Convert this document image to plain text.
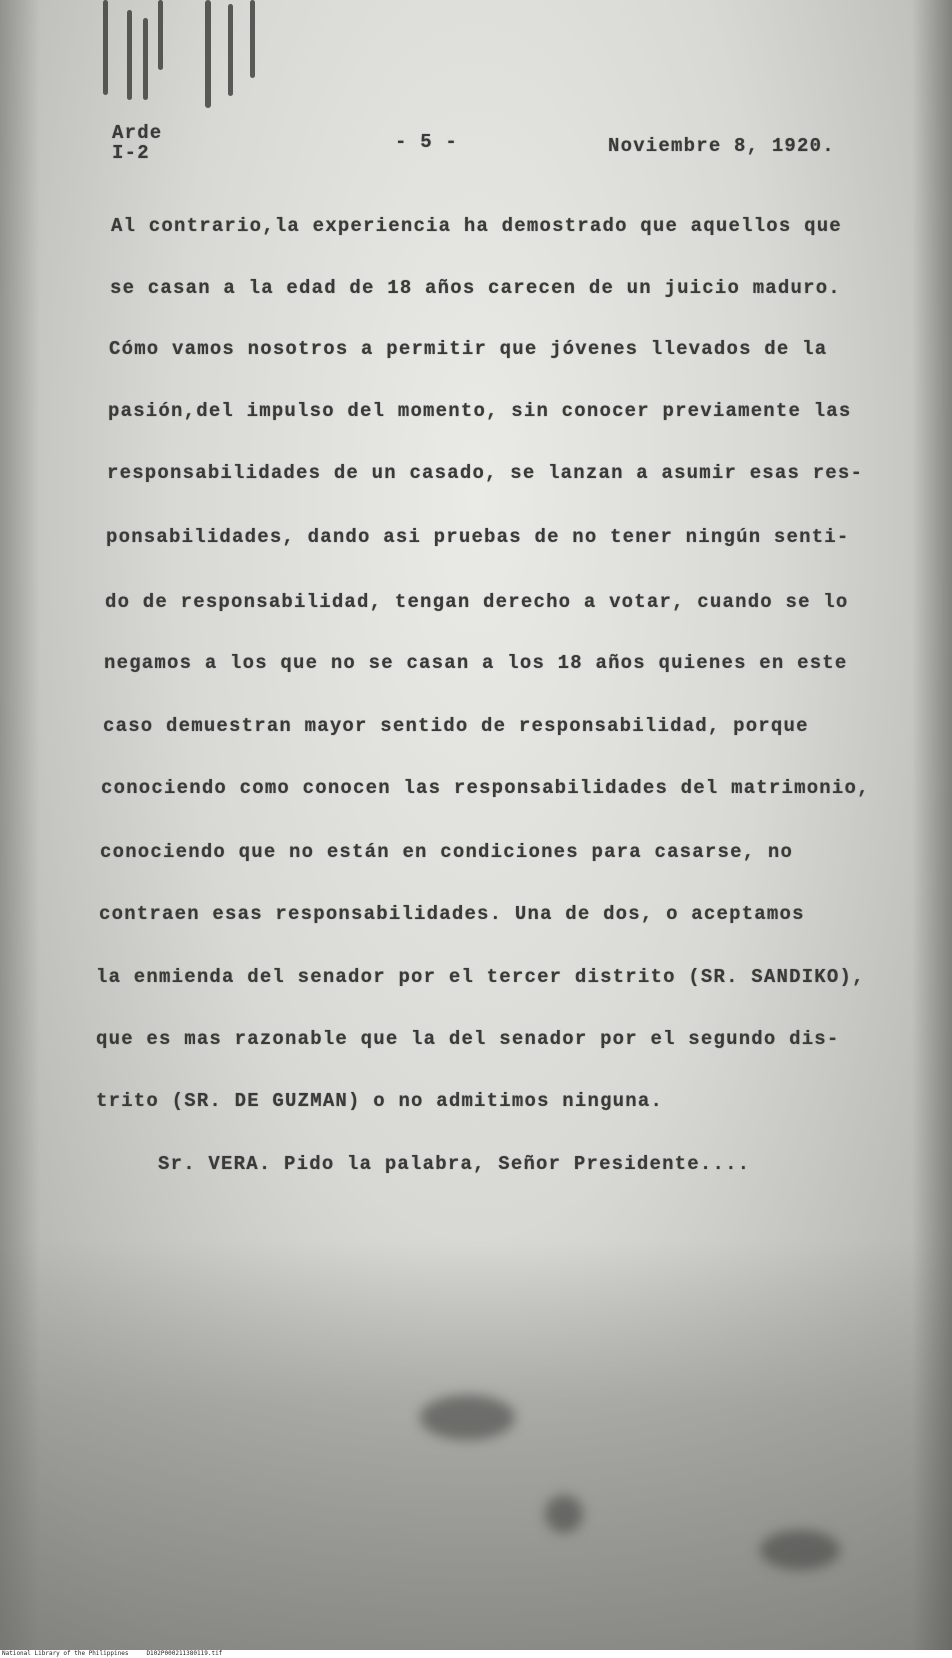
Arde
I-2	- 5 -	Noviembre 8, 1920.
Al contrario,la experiencia ha demostrado que aquellos que
se casan a la edad de 18 años carecen de un juicio maduro.
Cómo vamos nosotros a permitir que jóvenes llevados de la
pasión,del impulso del momento, sin conocer previamente las
responsabilidades de un casado, se lanzan a asumir esas res-
ponsabilidades, dando asi pruebas de no tener ningún senti-
do de responsabilidad, tengan derecho a votar, cuando se lo
negamos a los que no se casan a los 18 años quienes en este
caso demuestran mayor sentido de responsabilidad, porque
conociendo como conocen las responsabilidades del matrimonio,
conociendo que no están en condiciones para casarse, no
contraen esas responsabilidades. Una de dos, o aceptamos
la enmienda del senador por el tercer distrito (SR. SANDIKO),
que es mas razonable que la del senador por el segundo dis-
trito (SR. DE GUZMAN) o no admitimos ninguna.
Sr. VERA. Pido la palabra, Señor Presidente....
National Library of the Philippines	D102P000211380119.tif
